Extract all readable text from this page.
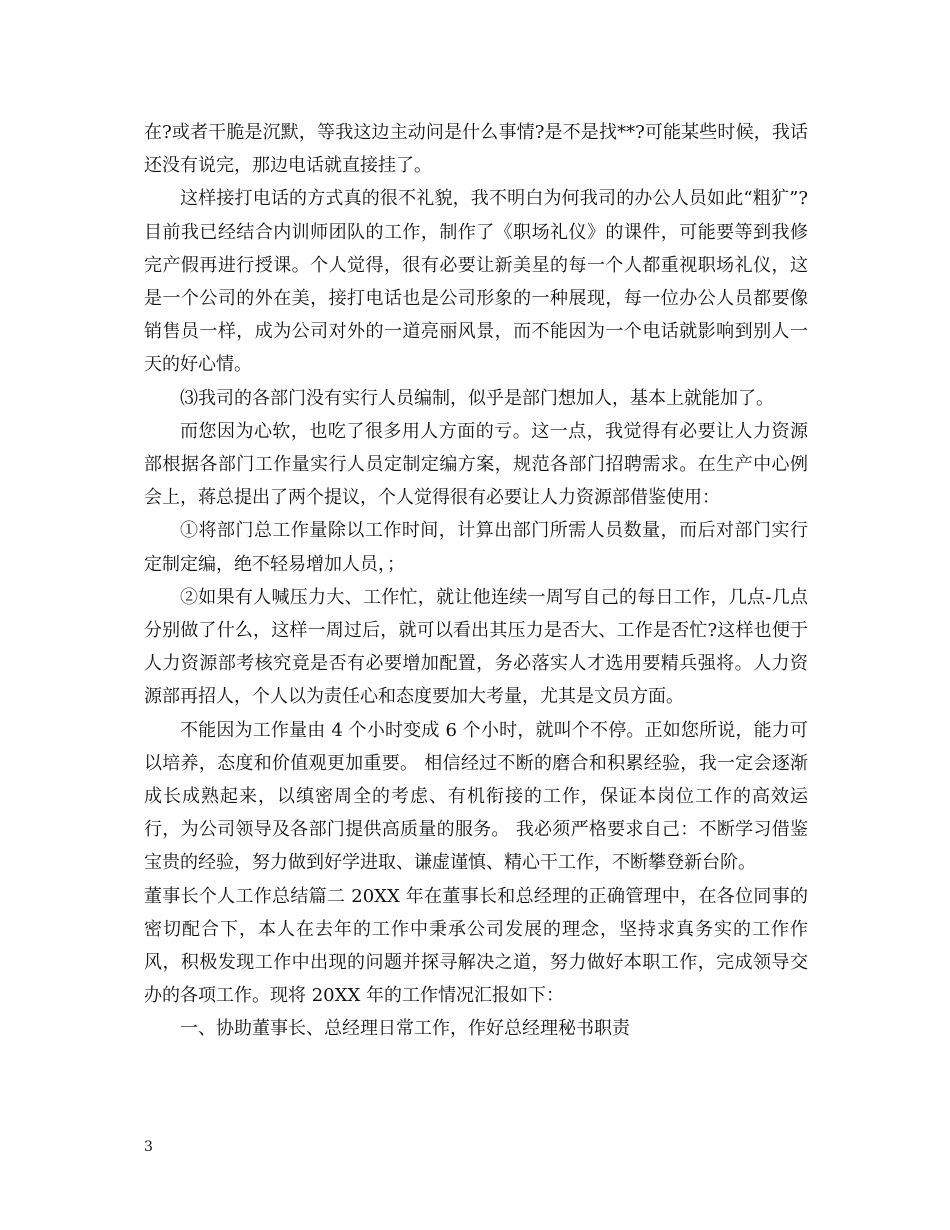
在?或者干脆是沉默，等我这边主动问是什么事情?是不是找**?可能某些时候，我话还没有说完，那边电话就直接挂了。

这样接打电话的方式真的很不礼貌，我不明白为何我司的办公人员如此“粗犷”?目前我已经结合内训师团队的工作，制作了《职场礼仪》的课件，可能要等到我修完产假再进行授课。个人觉得，很有必要让新美星的每一个人都重视职场礼仪，这是一个公司的外在美，接打电话也是公司形象的一种展现，每一位办公人员都要像销售员一样，成为公司对外的一道亮丽风景，而不能因为一个电话就影响到别人一天的好心情。

⑶我司的各部门没有实行人员编制，似乎是部门想加人，基本上就能加了。

而您因为心软，也吃了很多用人方面的亏。这一点，我觉得有必要让人力资源部根据各部门工作量实行人员定制定编方案，规范各部门招聘需求。在生产中心例会上，蒋总提出了两个提议，个人觉得很有必要让人力资源部借鉴使用：

①将部门总工作量除以工作时间，计算出部门所需人员数量，而后对部门实行定制定编，绝不轻易增加人员，；

②如果有人喊压力大、工作忙，就让他连续一周写自己的每日工作，几点-几点分别做了什么，这样一周过后，就可以看出其压力是否大、工作是否忙?这样也便于人力资源部考核究竟是否有必要增加配置，务必落实人才选用要精兵强将。人力资源部再招人，个人以为责任心和态度要加大考量，尤其是文员方面。

不能因为工作量由 4 个小时变成 6 个小时，就叫个不停。正如您所说，能力可以培养，态度和价值观更加重要。 相信经过不断的磨合和积累经验，我一定会逐渐成长成熟起来，以缜密周全的考虑、有机衔接的工作，保证本岗位工作的高效运行，为公司领导及各部门提供高质量的服务。 我必须严格要求自己：不断学习借鉴宝贵的经验，努力做到好学进取、谦虚谨慎、精心干工作，不断攀登新台阶。

董事长个人工作总结篇二 20XX 年在董事长和总经理的正确管理中，在各位同事的密切配合下，本人在去年的工作中秉承公司发展的理念，坚持求真务实的工作作风，积极发现工作中出现的问题并探寻解决之道，努力做好本职工作，完成领导交办的各项工作。现将 20XX 年的工作情况汇报如下：

一、协助董事长、总经理日常工作，作好总经理秘书职责

3
